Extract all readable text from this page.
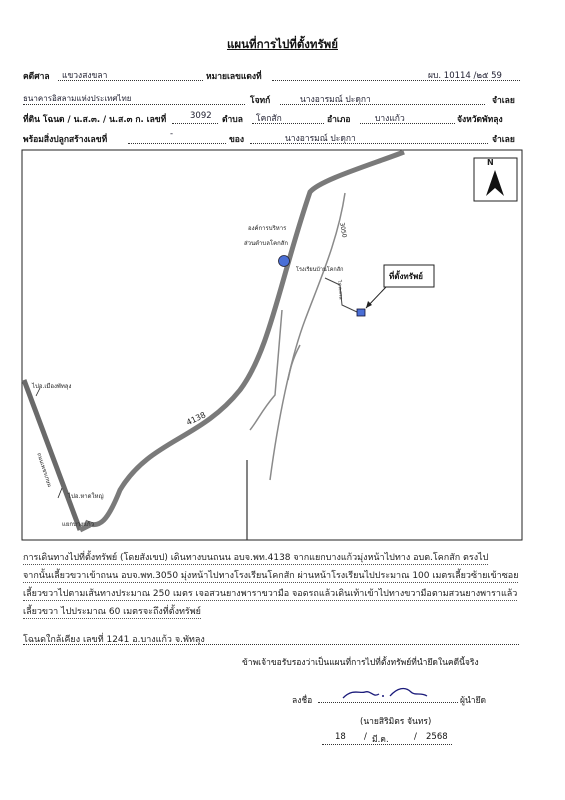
แผนที่การไปที่ตั้งทรัพย์
คดีศาล แขวงสงขลา	หมายเลขแดงที่	ผบ. 10114 /๒๕ 59
ธนาคารอิสลามแห่งประเทศไทย	โจทก์	นางอารมณ์ ปะดุกา	จำเลย
ที่ดิน โฉนด / น.ส.๓. / น.ส.๓ ก. เลขที่	3092 ตำบล โคกสัก	อำเภอ	บางแก้ว	จังหวัดพัทลุง
พร้อมสิ่งปลูกสร้างเลขที่
-
ของ	นางอารมณ์ ปะดุกา	จำเลย
N
4138
3050
องค์การบริหาร
ส่วนตำบลโคกสัก
โรงเรียนบ้านโคกสัก
ไป ต.สวน
ที่ตั้งทรัพย์
ไปอ.เมืองพัทลุง
ถนนเพชรเกษม
ไปอ.หาดใหญ่
แยกบางแก้ว
การเดินทางไปที่ตั้งทรัพย์ (โดยสังเขป) เดินทางบนถนน อบจ.พท.4138 จากแยกบางแก้วมุ่งหน้าไปทาง อบต.โคกสัก ตรงไป
จากนั้นเลี้ยวขวาเข้าถนน อบจ.พท.3050 มุ่งหน้าไปทางโรงเรียนโคกสัก ผ่านหน้าโรงเรียนไปประมาณ 100 เมตรเลี้ยวซ้ายเข้าซอย
เลี้ยวขวาไปตามเส้นทางประมาณ 250 เมตร เจอสวนยางพาราขวามือ จอดรถแล้วเดินเท้าเข้าไปทางขวามือตามสวนยางพาราแล้ว
เลี้ยวขวา ไปประมาณ 60 เมตรจะถึงที่ตั้งทรัพย์
โฉนดใกล้เคียง เลขที่ 1241 อ.บางแก้ว จ.พัทลุง
ข้าพเจ้าขอรับรองว่าเป็นแผนที่การไปที่ตั้งทรัพย์ที่นำยึดในคดีนี้จริง
ลงชื่อ	ผู้นำยึด
(นายสิริมิตร จันทร)
18 / มี.ค.	/ 2568
